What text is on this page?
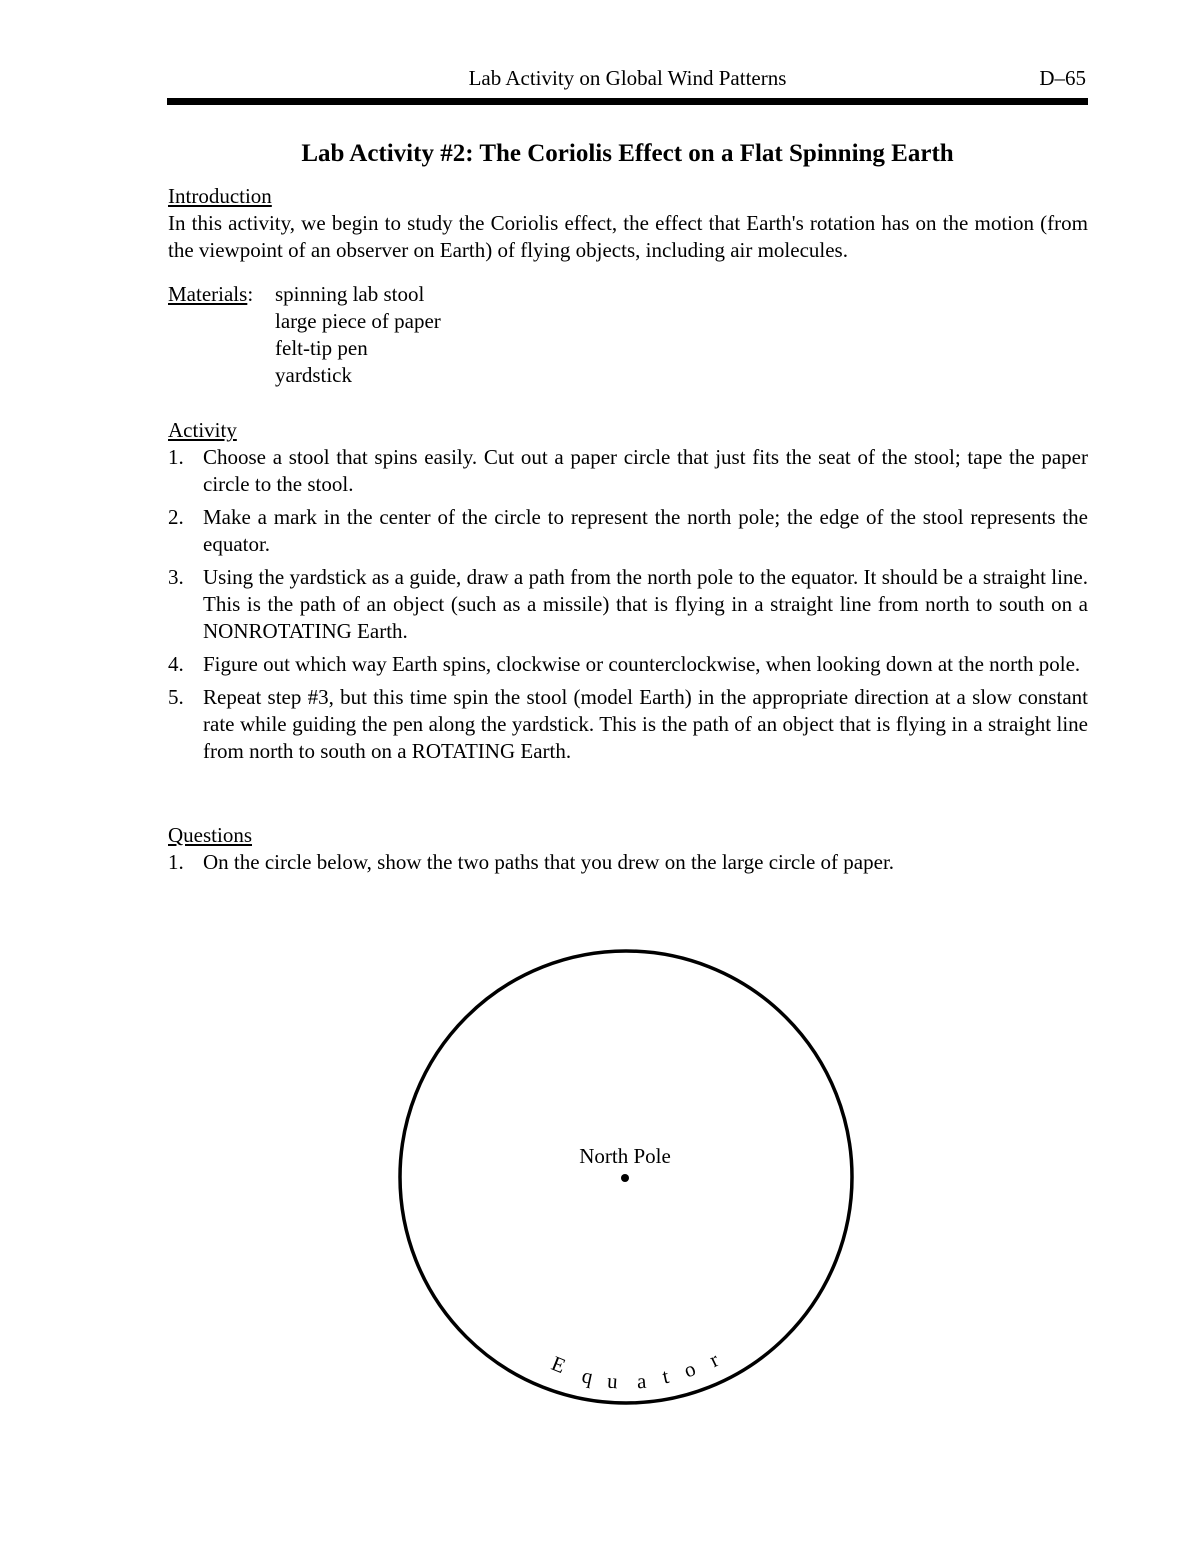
Lab Activity on Global Wind Patterns	D–65
Lab Activity #2: The Coriolis Effect on a Flat Spinning Earth
Introduction

In this activity, we begin to study the Coriolis effect, the effect that Earth's rotation has on the motion (from the viewpoint of an observer on Earth) of flying objects, including air molecules.

Materials:	spinning lab stool
large piece of paper
felt-tip pen
yardstick
Activity
1. Choose a stool that spins easily. Cut out a paper circle that just fits the seat of the stool; tape the paper circle to the stool.
2. Make a mark in the center of the circle to represent the north pole; the edge of the stool represents the equator.
3. Using the yardstick as a guide, draw a path from the north pole to the equator. It should be a straight line. This is the path of an object (such as a missile) that is flying in a straight line from north to south on a NONROTATING Earth.
4. Figure out which way Earth spins, clockwise or counterclockwise, when looking down at the north pole.
5. Repeat step #3, but this time spin the stool (model Earth) in the appropriate direction at a slow constant rate while guiding the pen along the yardstick. This is the path of an object that is flying in a straight line from north to south on a ROTATING Earth.
Questions
1. On the circle below, show the two paths that you drew on the large circle of paper.
North Pole
E q u a t o r
